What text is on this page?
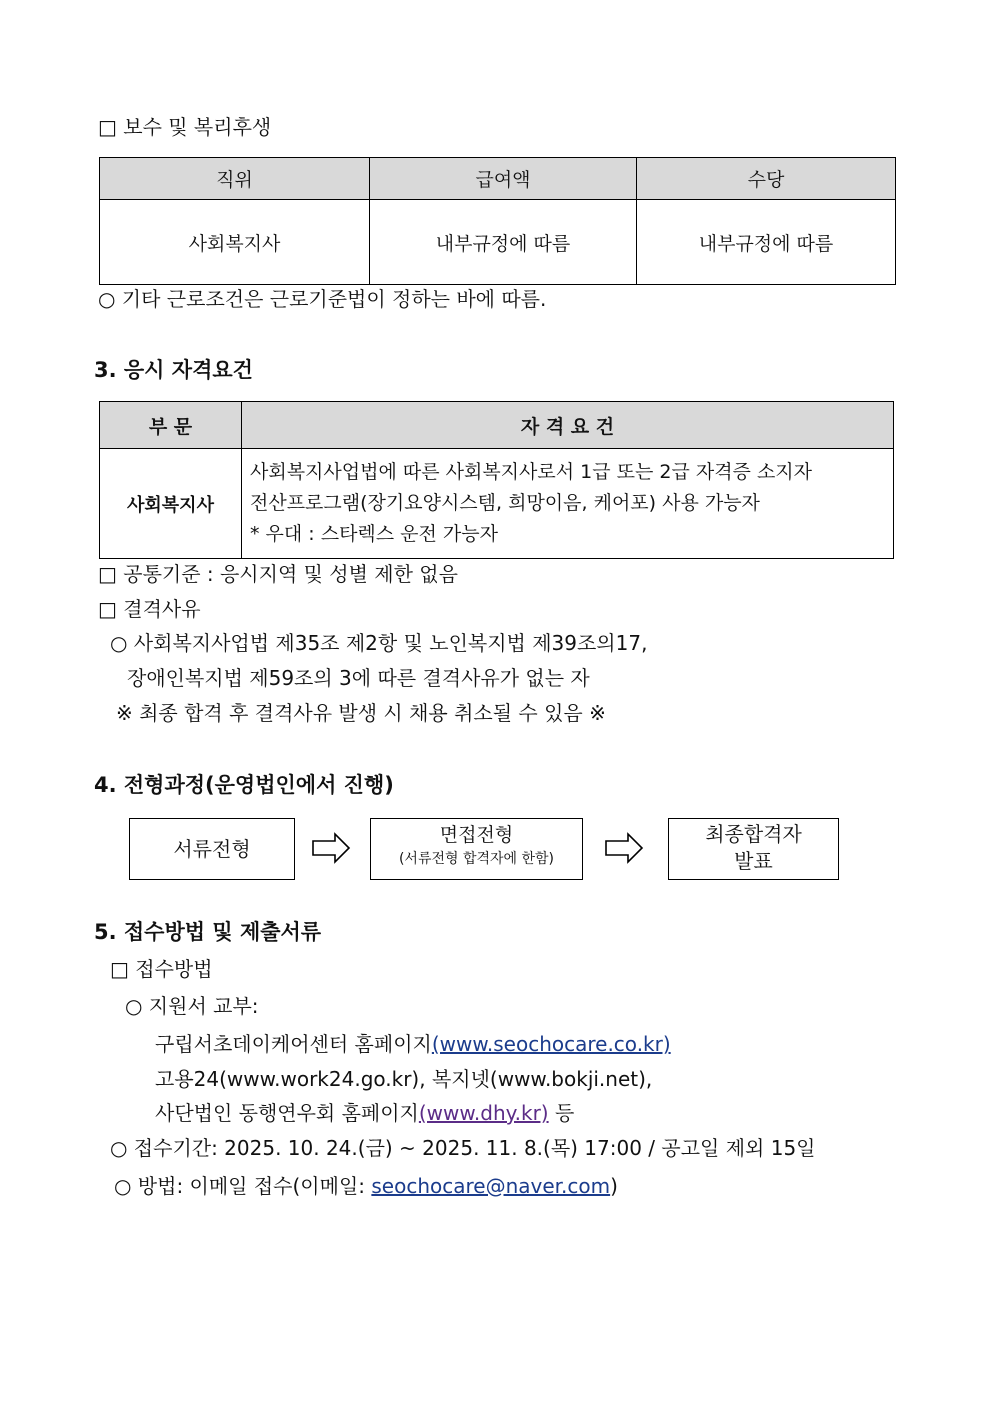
□ 보수 및 복리후생
직위	급여액	수당
사회복지사	내부규정에 따름	내부규정에 따름
○ 기타 근로조건은 근로기준법이 정하는 바에 따름.
3. 응시 자격요건
부 문	자 격 요 건
사회복지사	사회복지사업법에 따른 사회복지사로서 1급 또는 2급 자격증 소지자
전산프로그램(장기요양시스템, 희망이음, 케어포) 사용 가능자
* 우대 : 스타렉스 운전 가능자
□ 공통기준 : 응시지역 및 성별 제한 없음
□ 결격사유
○ 사회복지사업법 제35조 제2항 및 노인복지법 제39조의17,
장애인복지법 제59조의 3에 따른 결격사유가 없는 자
※ 최종 합격 후 결격사유 발생 시 채용 취소될 수 있음 ※
4. 전형과정(운영법인에서 진행)
서류전형
면접전형
(서류전형 합격자에 한함)
최종합격자
발표
5. 접수방법 및 제출서류
□ 접수방법
○ 지원서 교부:
구립서초데이케어센터 홈페이지(www.seochocare.co.kr)
고용24(www.work24.go.kr), 복지넷(www.bokji.net),
사단법인 동행연우회 홈페이지(www.dhy.kr) 등
○ 접수기간: 2025. 10. 24.(금) ~ 2025. 11. 8.(목) 17:00 / 공고일 제외 15일
○ 방법: 이메일 접수(이메일: seochocare@naver.com)
